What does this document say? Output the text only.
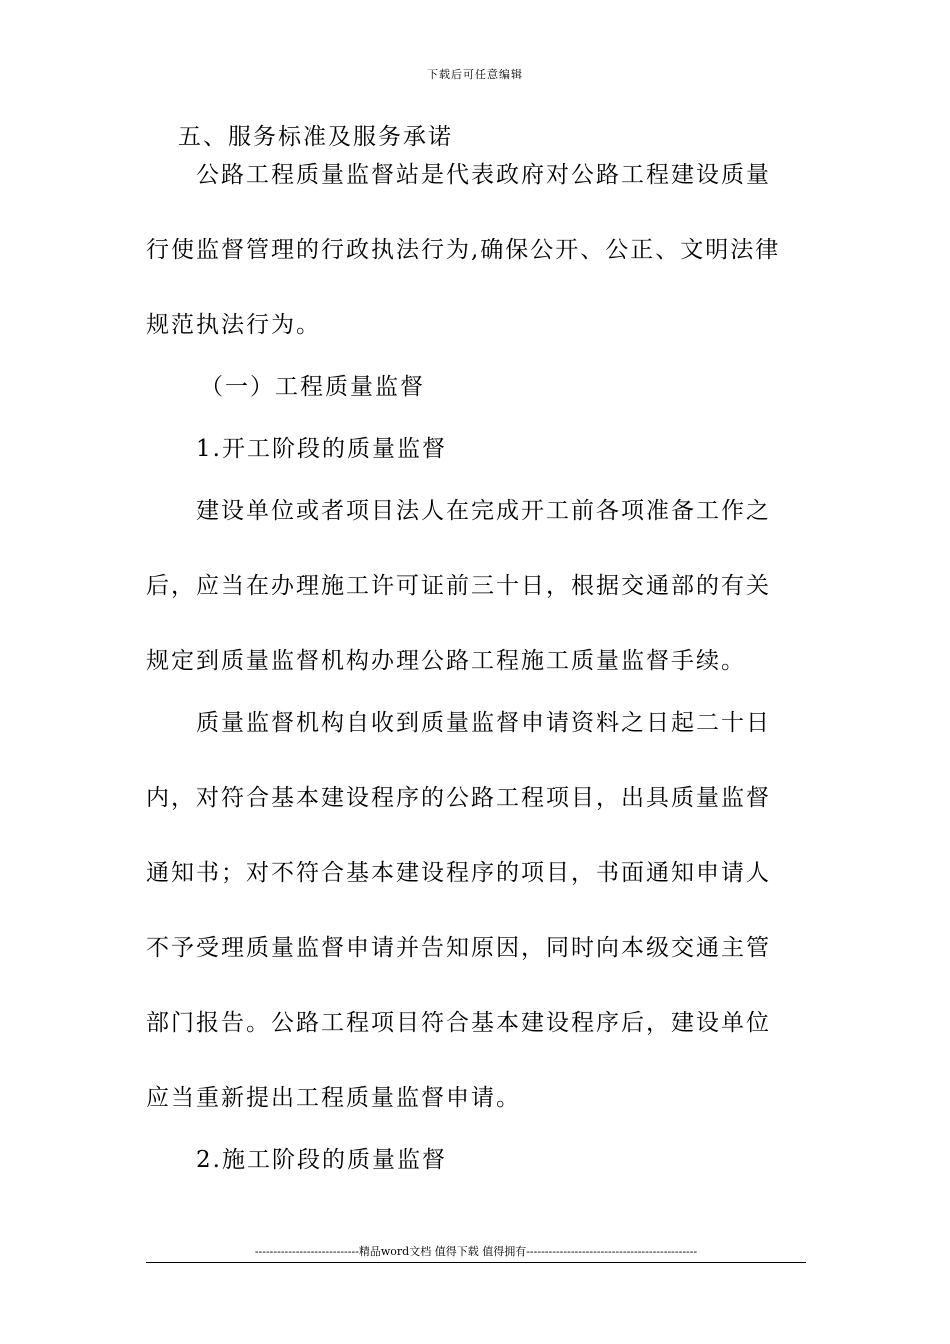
下载后可任意编辑
五、服务标准及服务承诺
公路工程质量监督站是代表政府对公路工程建设质量
行使监督管理的行政执法行为,确保公开、公正、文明法律
规范执法行为。
（一）工程质量监督
1.开工阶段的质量监督
建设单位或者项目法人在完成开工前各项准备工作之
后，应当在办理施工许可证前三十日，根据交通部的有关
规定到质量监督机构办理公路工程施工质量监督手续。
质量监督机构自收到质量监督申请资料之日起二十日
内，对符合基本建设程序的公路工程项目，出具质量监督
通知书；对不符合基本建设程序的项目，书面通知申请人
不予受理质量监督申请并告知原因，同时向本级交通主管
部门报告。公路工程项目符合基本建设程序后，建设单位
应当重新提出工程质量监督申请。
2.施工阶段的质量监督
----------------------------精品word文档 值得下载 值得拥有----------------------------------------------
